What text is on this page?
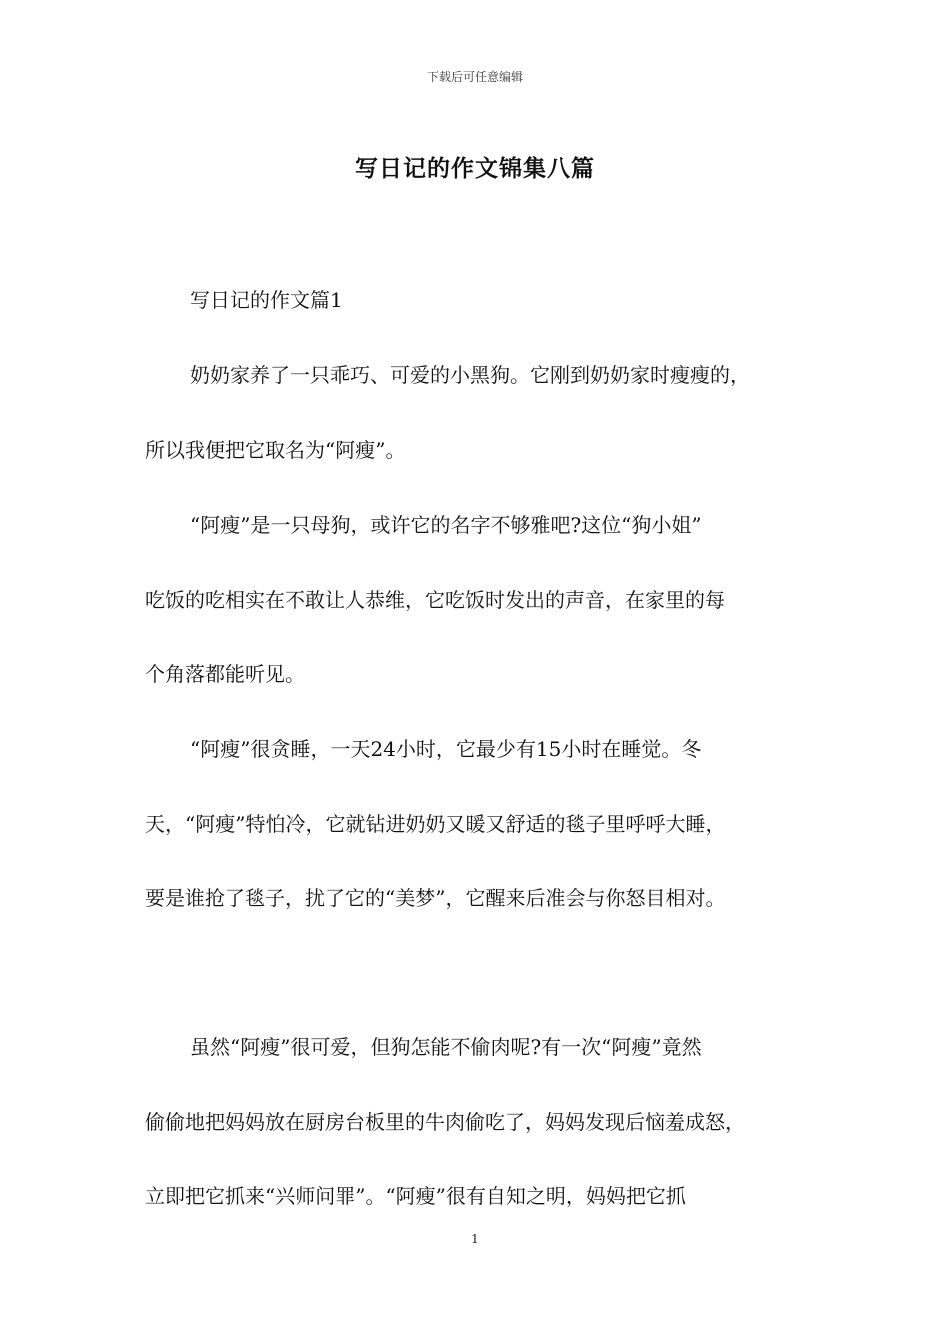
下载后可任意编辑
写日记的作文锦集八篇
写日记的作文篇1
奶奶家养了一只乖巧、可爱的小黑狗。它刚到奶奶家时瘦瘦的，
所以我便把它取名为“阿瘦”。
“阿瘦”是一只母狗，或许它的名字不够雅吧?这位“狗小姐”
吃饭的吃相实在不敢让人恭维，它吃饭时发出的声音，在家里的每
个角落都能听见。
“阿瘦”很贪睡，一天24小时，它最少有15小时在睡觉。冬
天，“阿瘦”特怕冷，它就钻进奶奶又暖又舒适的毯子里呼呼大睡，
要是谁抢了毯子，扰了它的“美梦”，它醒来后准会与你怒目相对。
虽然“阿瘦”很可爱，但狗怎能不偷肉呢?有一次“阿瘦”竟然
偷偷地把妈妈放在厨房台板里的牛肉偷吃了，妈妈发现后恼羞成怒，
立即把它抓来“兴师问罪”。“阿瘦”很有自知之明，妈妈把它抓
1
